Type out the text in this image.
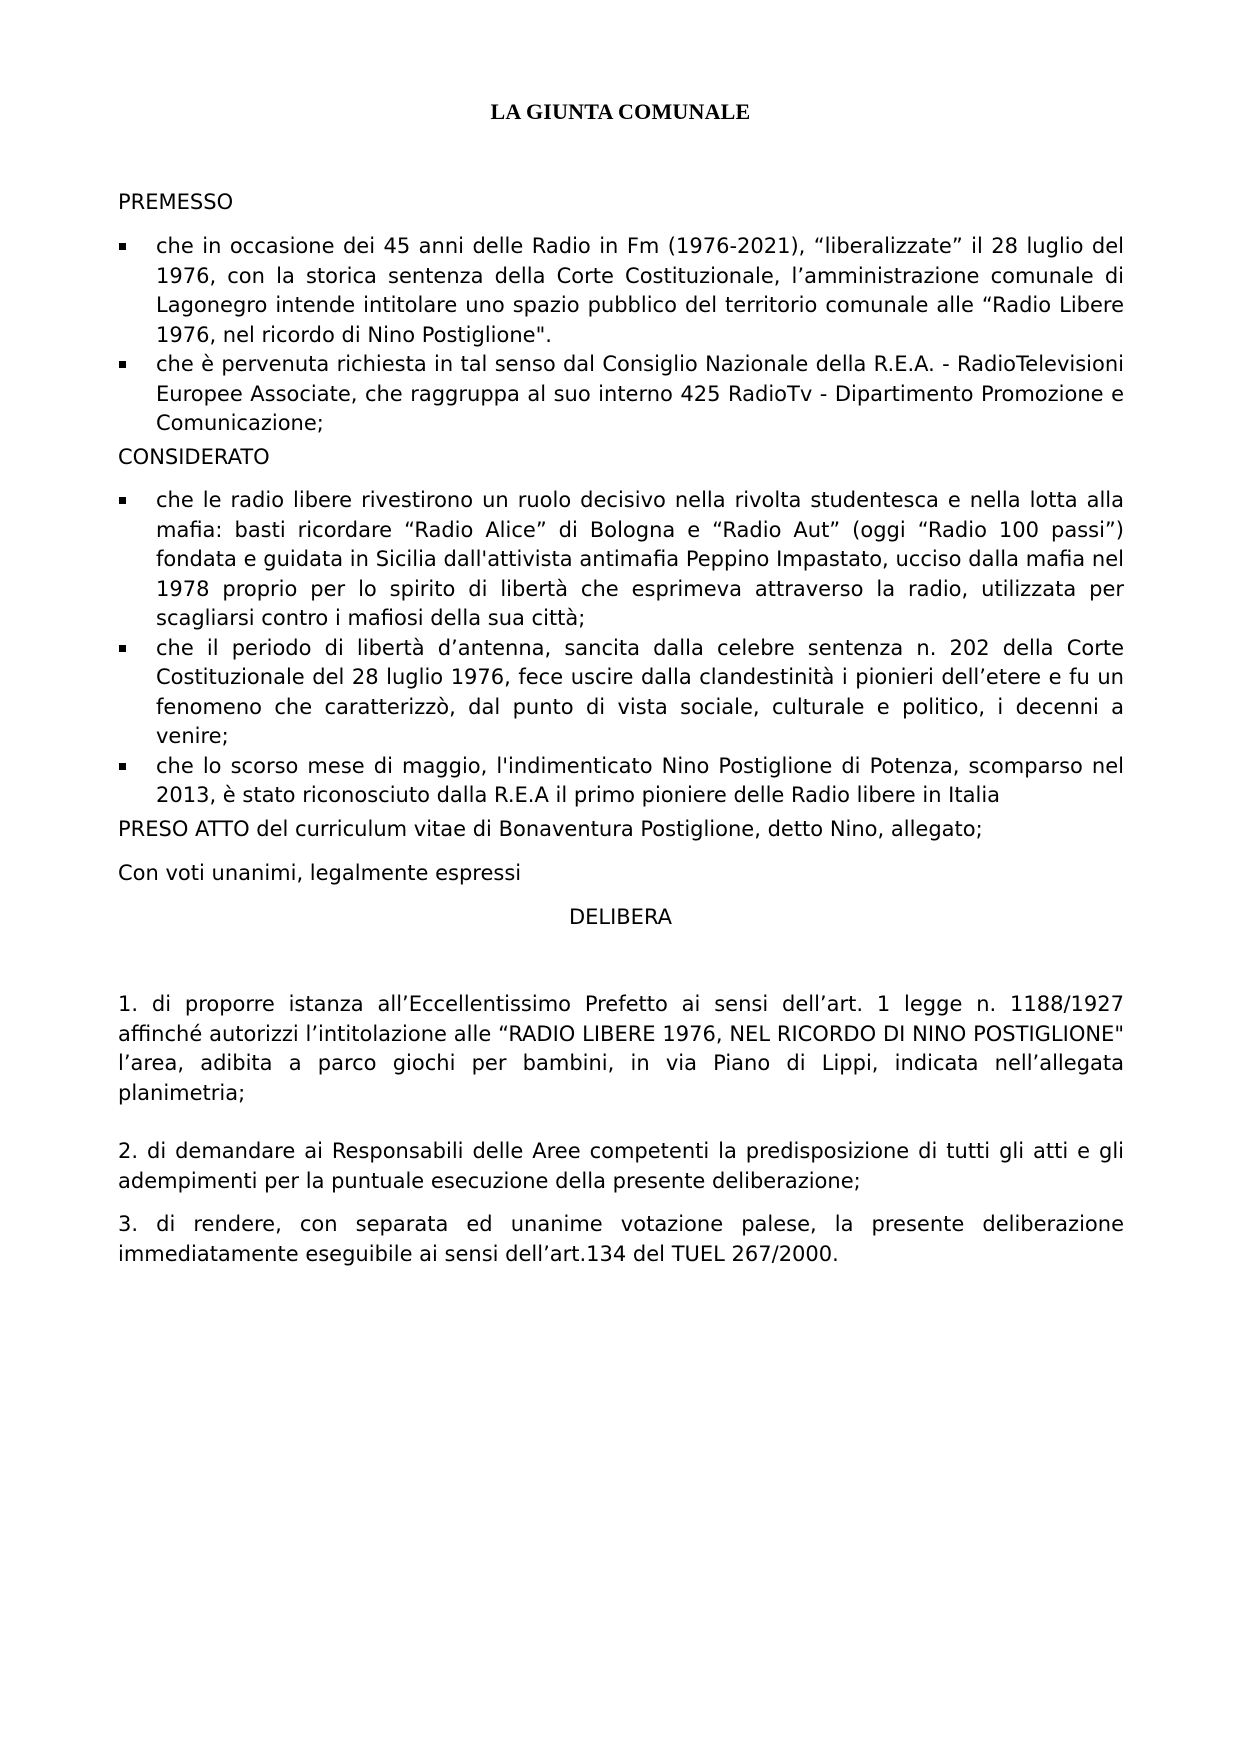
LA GIUNTA COMUNALE

PREMESSO

che in occasione dei 45 anni delle Radio in Fm (1976-2021), “liberalizzate” il 28 luglio del 1976, con la storica sentenza della Corte Costituzionale, l’amministrazione comunale di Lagonegro intende intitolare uno spazio pubblico del territorio comunale alle “Radio Libere 1976, nel ricordo di Nino Postiglione".
che è pervenuta richiesta in tal senso dal Consiglio Nazionale della R.E.A. - RadioTelevisioni Europee Associate, che raggruppa al suo interno 425 RadioTv - Dipartimento Promozione e Comunicazione;

CONSIDERATO

che le radio libere rivestirono un ruolo decisivo nella rivolta studentesca e nella lotta alla mafia: basti ricordare “Radio Alice” di Bologna e “Radio Aut” (oggi “Radio 100 passi”) fondata e guidata in Sicilia dall'attivista antimafia Peppino Impastato, ucciso dalla mafia nel 1978 proprio per lo spirito di libertà che esprimeva attraverso la radio, utilizzata per scagliarsi contro i mafiosi della sua città;
che il periodo di libertà d’antenna, sancita dalla celebre sentenza n. 202 della Corte Costituzionale del 28 luglio 1976, fece uscire dalla clandestinità i pionieri dell’etere e fu un fenomeno che caratterizzò, dal punto di vista sociale, culturale e politico, i decenni a venire;
che lo scorso mese di maggio, l'indimenticato Nino Postiglione di Potenza, scomparso nel 2013, è stato riconosciuto dalla R.E.A il primo pioniere delle Radio libere in Italia

PRESO ATTO del curriculum vitae di Bonaventura Postiglione, detto Nino, allegato;

Con voti unanimi, legalmente espressi

DELIBERA

1. di proporre istanza all’Eccellentissimo Prefetto ai sensi dell’art. 1 legge n. 1188/1927 affinché autorizzi l’intitolazione alle “RADIO LIBERE 1976, NEL RICORDO DI NINO POSTIGLIONE" l’area, adibita a parco giochi per bambini, in via Piano di Lippi, indicata nell’allegata planimetria;

2. di demandare ai Responsabili delle Aree competenti la predisposizione di tutti gli atti e gli adempimenti per la puntuale esecuzione della presente deliberazione;

3. di rendere, con separata ed unanime votazione palese, la presente deliberazione immediatamente eseguibile ai sensi dell’art.134 del TUEL 267/2000.
